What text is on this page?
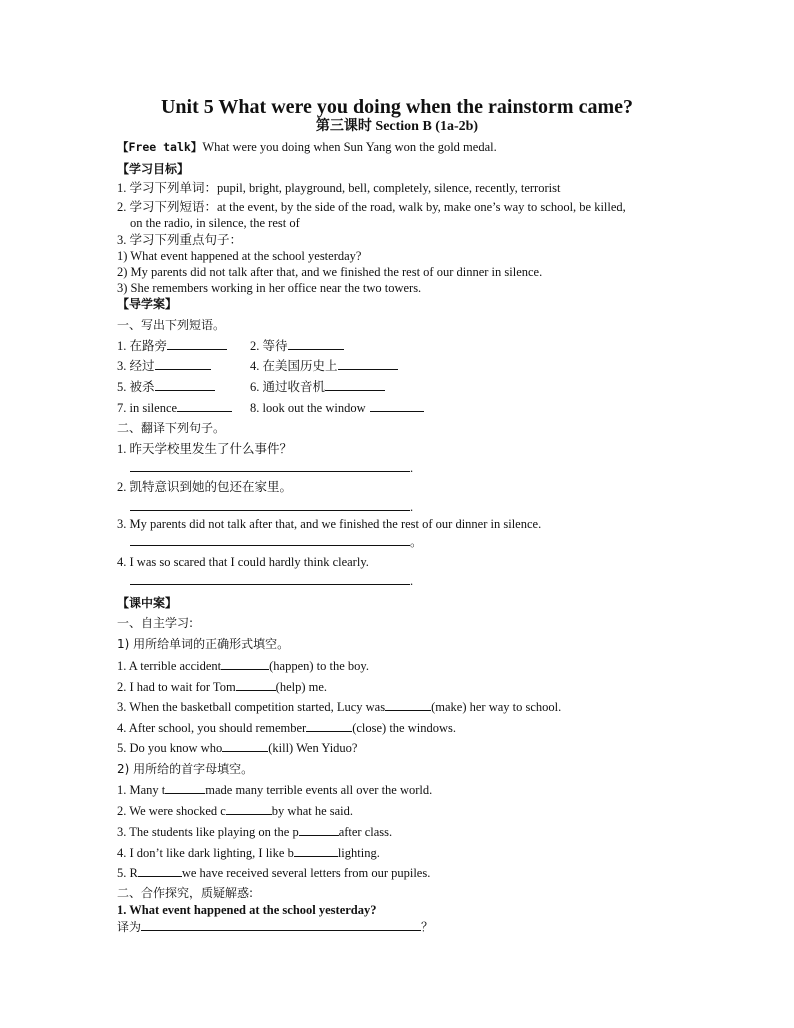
Unit 5 What were you doing when the rainstorm came?
第三课时 Section B (1a-2b)
【Free talk】What were you doing when Sun Yang won the gold medal.
【学习目标】
1. 学习下列单词：pupil, bright, playground, bell, completely, silence, recently, terrorist
2. 学习下列短语：at the event, by the side of the road, walk by, make one’s way to school, be killed,
on the radio, in silence, the rest of
3. 学习下列重点句子：
1) What event happened at the school yesterday?
2) My parents did not talk after that, and we finished the rest of our dinner in silence.
3) She remembers working in her office near the two towers.
【导学案】
一、写出下列短语。
1. 在路旁	2. 等待
3. 经过	4. 在美国历史上
5. 被杀	6. 通过收音机
7. in silence	8. look out the window
二、翻译下列句子。
1. 昨天学校里发生了什么事件？
.
2. 凯特意识到她的包还在家里。
.
3. My parents did not talk after that, and we finished the rest of our dinner in silence.
。
4. I was so scared that I could hardly think clearly.
.
【课中案】
一、自主学习:
1) 用所给单词的正确形式填空。
1. A terrible accident	(happen) to the boy.
2. I had to wait for Tom	(help) me.
3. When the basketball competition started, Lucy was	(make) her way to school.
4. After school, you should remember	(close) the windows.
5. Do you know who	(kill) Wen Yiduo?
2) 用所给的首字母填空。
1. Many t	made many terrible events all over the world.
2. We were shocked c	by what he said.
3. The students like playing on the p	after class.
4. I don’t like dark lighting, I like b	lighting.
5. R	we have received several letters from our pupiles.
二、合作探究，质疑解惑:
1. What event happened at the school yesterday?
译为	？
